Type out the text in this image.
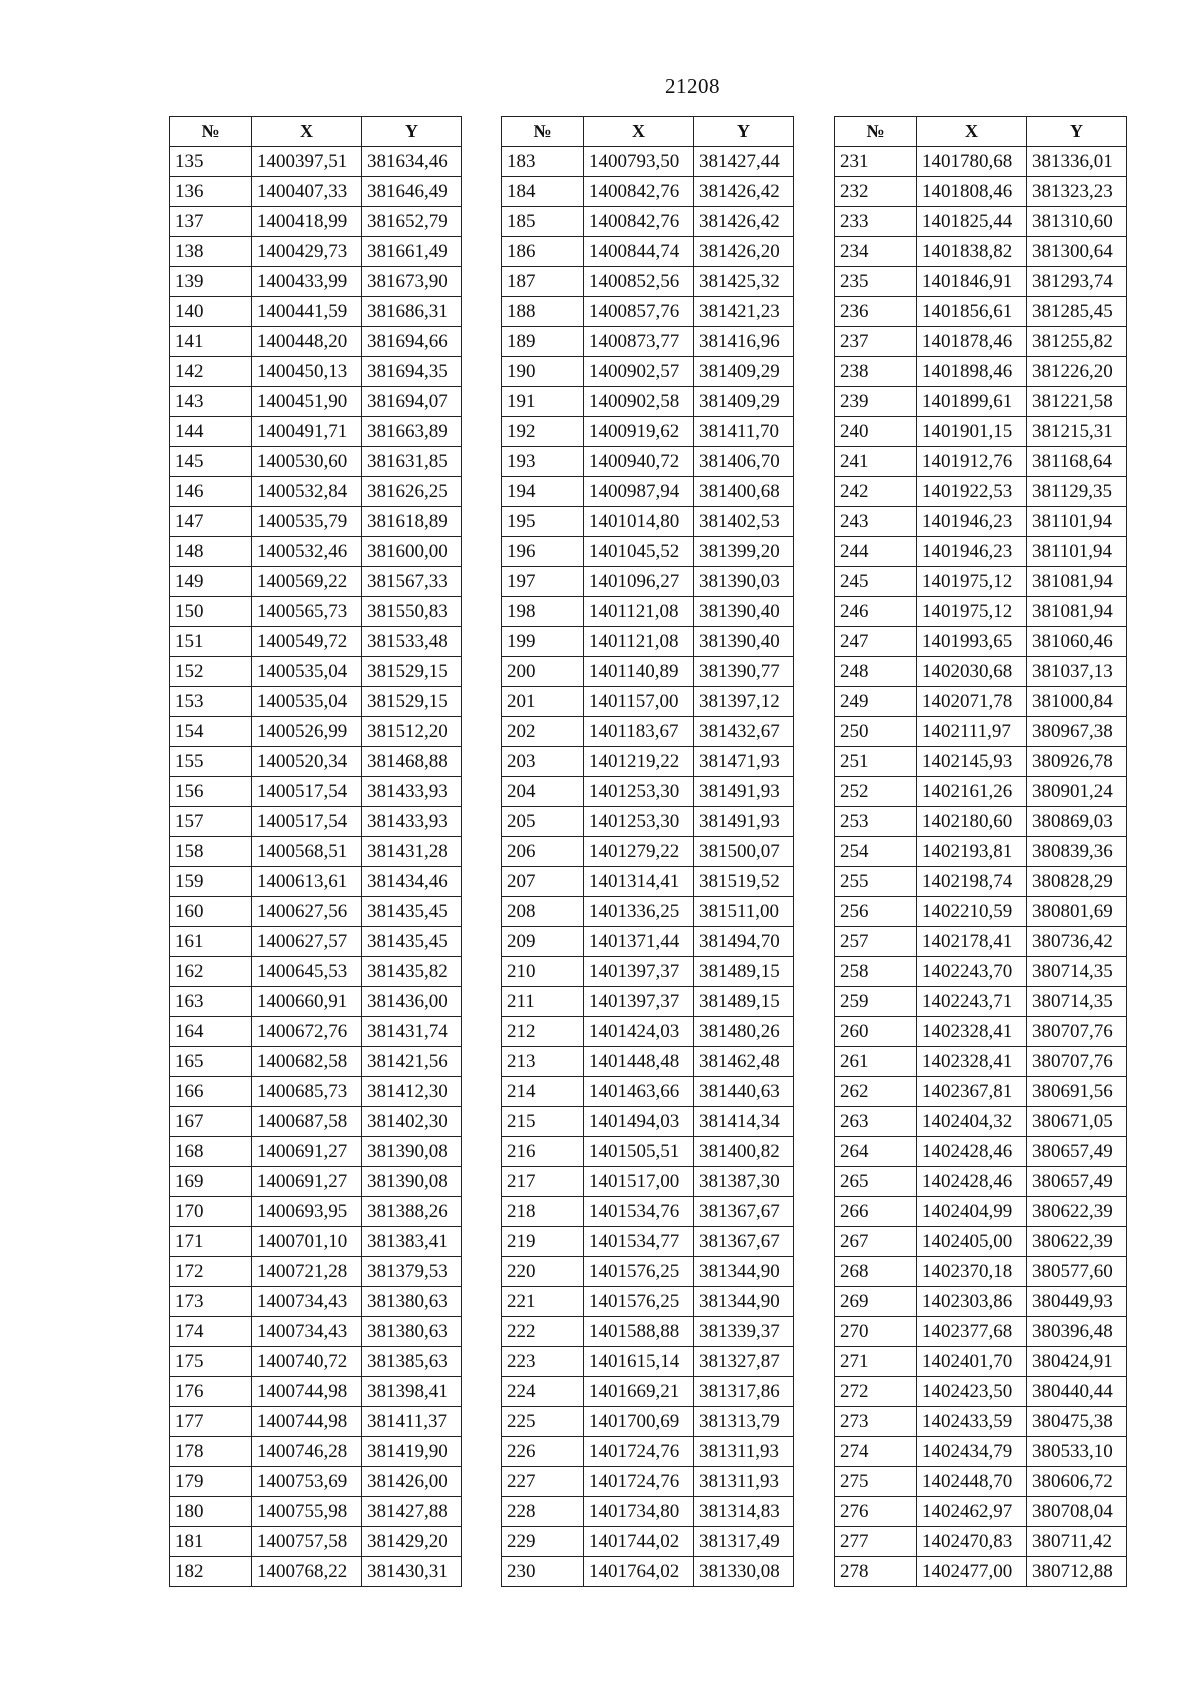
21208
№	X	Y
135	1400397,51	381634,46
136	1400407,33	381646,49
137	1400418,99	381652,79
138	1400429,73	381661,49
139	1400433,99	381673,90
140	1400441,59	381686,31
141	1400448,20	381694,66
142	1400450,13	381694,35
143	1400451,90	381694,07
144	1400491,71	381663,89
145	1400530,60	381631,85
146	1400532,84	381626,25
147	1400535,79	381618,89
148	1400532,46	381600,00
149	1400569,22	381567,33
150	1400565,73	381550,83
151	1400549,72	381533,48
152	1400535,04	381529,15
153	1400535,04	381529,15
154	1400526,99	381512,20
155	1400520,34	381468,88
156	1400517,54	381433,93
157	1400517,54	381433,93
158	1400568,51	381431,28
159	1400613,61	381434,46
160	1400627,56	381435,45
161	1400627,57	381435,45
162	1400645,53	381435,82
163	1400660,91	381436,00
164	1400672,76	381431,74
165	1400682,58	381421,56
166	1400685,73	381412,30
167	1400687,58	381402,30
168	1400691,27	381390,08
169	1400691,27	381390,08
170	1400693,95	381388,26
171	1400701,10	381383,41
172	1400721,28	381379,53
173	1400734,43	381380,63
174	1400734,43	381380,63
175	1400740,72	381385,63
176	1400744,98	381398,41
177	1400744,98	381411,37
178	1400746,28	381419,90
179	1400753,69	381426,00
180	1400755,98	381427,88
181	1400757,58	381429,20
182	1400768,22	381430,31
№	X	Y
183	1400793,50	381427,44
184	1400842,76	381426,42
185	1400842,76	381426,42
186	1400844,74	381426,20
187	1400852,56	381425,32
188	1400857,76	381421,23
189	1400873,77	381416,96
190	1400902,57	381409,29
191	1400902,58	381409,29
192	1400919,62	381411,70
193	1400940,72	381406,70
194	1400987,94	381400,68
195	1401014,80	381402,53
196	1401045,52	381399,20
197	1401096,27	381390,03
198	1401121,08	381390,40
199	1401121,08	381390,40
200	1401140,89	381390,77
201	1401157,00	381397,12
202	1401183,67	381432,67
203	1401219,22	381471,93
204	1401253,30	381491,93
205	1401253,30	381491,93
206	1401279,22	381500,07
207	1401314,41	381519,52
208	1401336,25	381511,00
209	1401371,44	381494,70
210	1401397,37	381489,15
211	1401397,37	381489,15
212	1401424,03	381480,26
213	1401448,48	381462,48
214	1401463,66	381440,63
215	1401494,03	381414,34
216	1401505,51	381400,82
217	1401517,00	381387,30
218	1401534,76	381367,67
219	1401534,77	381367,67
220	1401576,25	381344,90
221	1401576,25	381344,90
222	1401588,88	381339,37
223	1401615,14	381327,87
224	1401669,21	381317,86
225	1401700,69	381313,79
226	1401724,76	381311,93
227	1401724,76	381311,93
228	1401734,80	381314,83
229	1401744,02	381317,49
230	1401764,02	381330,08
№	X	Y
231	1401780,68	381336,01
232	1401808,46	381323,23
233	1401825,44	381310,60
234	1401838,82	381300,64
235	1401846,91	381293,74
236	1401856,61	381285,45
237	1401878,46	381255,82
238	1401898,46	381226,20
239	1401899,61	381221,58
240	1401901,15	381215,31
241	1401912,76	381168,64
242	1401922,53	381129,35
243	1401946,23	381101,94
244	1401946,23	381101,94
245	1401975,12	381081,94
246	1401975,12	381081,94
247	1401993,65	381060,46
248	1402030,68	381037,13
249	1402071,78	381000,84
250	1402111,97	380967,38
251	1402145,93	380926,78
252	1402161,26	380901,24
253	1402180,60	380869,03
254	1402193,81	380839,36
255	1402198,74	380828,29
256	1402210,59	380801,69
257	1402178,41	380736,42
258	1402243,70	380714,35
259	1402243,71	380714,35
260	1402328,41	380707,76
261	1402328,41	380707,76
262	1402367,81	380691,56
263	1402404,32	380671,05
264	1402428,46	380657,49
265	1402428,46	380657,49
266	1402404,99	380622,39
267	1402405,00	380622,39
268	1402370,18	380577,60
269	1402303,86	380449,93
270	1402377,68	380396,48
271	1402401,70	380424,91
272	1402423,50	380440,44
273	1402433,59	380475,38
274	1402434,79	380533,10
275	1402448,70	380606,72
276	1402462,97	380708,04
277	1402470,83	380711,42
278	1402477,00	380712,88
